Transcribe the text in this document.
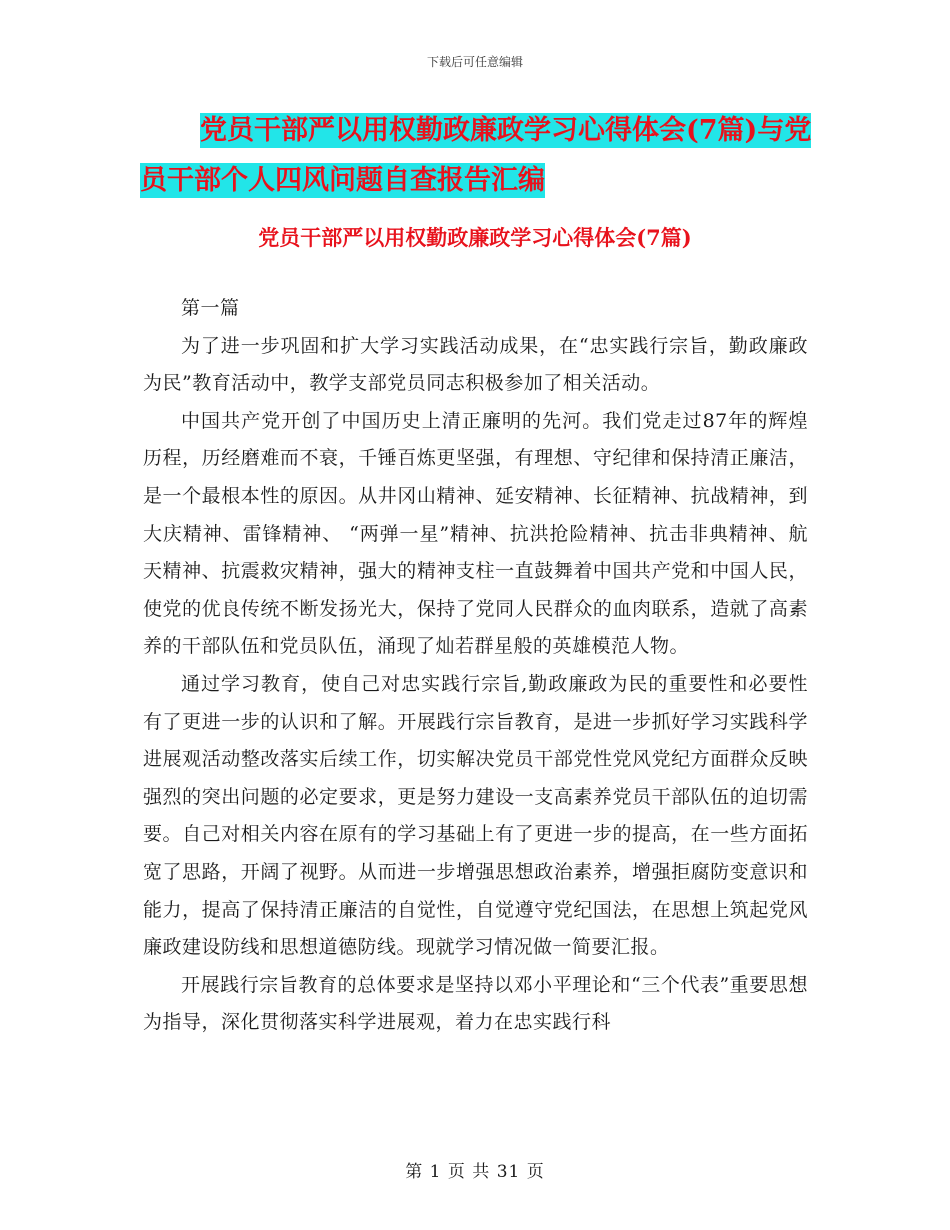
下载后可任意编辑
党员干部严以用权勤政廉政学习心得体会(7篇)与党
员干部个人四风问题自查报告汇编
党员干部严以用权勤政廉政学习心得体会(7篇)

第一篇

为了进一步巩固和扩大学习实践活动成果，在“忠实践行宗旨，勤政廉政为民”教育活动中，教学支部党员同志积极参加了相关活动。

中国共产党开创了中国历史上清正廉明的先河。我们党走过87年的辉煌历程，历经磨难而不衰，千锤百炼更坚强，有理想、守纪律和保持清正廉洁，是一个最根本性的原因。从井冈山精神、延安精神、长征精神、抗战精神，到大庆精神、雷锋精神、 “两弹一星”精神、抗洪抢险精神、抗击非典精神、航天精神、抗震救灾精神，强大的精神支柱一直鼓舞着中国共产党和中国人民，使党的优良传统不断发扬光大，保持了党同人民群众的血肉联系，造就了高素养的干部队伍和党员队伍，涌现了灿若群星般的英雄模范人物。

通过学习教育，使自己对忠实践行宗旨,勤政廉政为民的重要性和必要性有了更进一步的认识和了解。开展践行宗旨教育，是进一步抓好学习实践科学进展观活动整改落实后续工作，切实解决党员干部党性党风党纪方面群众反映强烈的突出问题的必定要求，更是努力建设一支高素养党员干部队伍的迫切需要。自己对相关内容在原有的学习基础上有了更进一步的提高，在一些方面拓宽了思路，开阔了视野。从而进一步增强思想政治素养，增强拒腐防变意识和能力，提高了保持清正廉洁的自觉性，自觉遵守党纪国法，在思想上筑起党风廉政建设防线和思想道德防线。现就学习情况做一简要汇报。

开展践行宗旨教育的总体要求是坚持以邓小平理论和“三个代表”重要思想为指导，深化贯彻落实科学进展观，着力在忠实践行科

第 1 页 共 31 页
